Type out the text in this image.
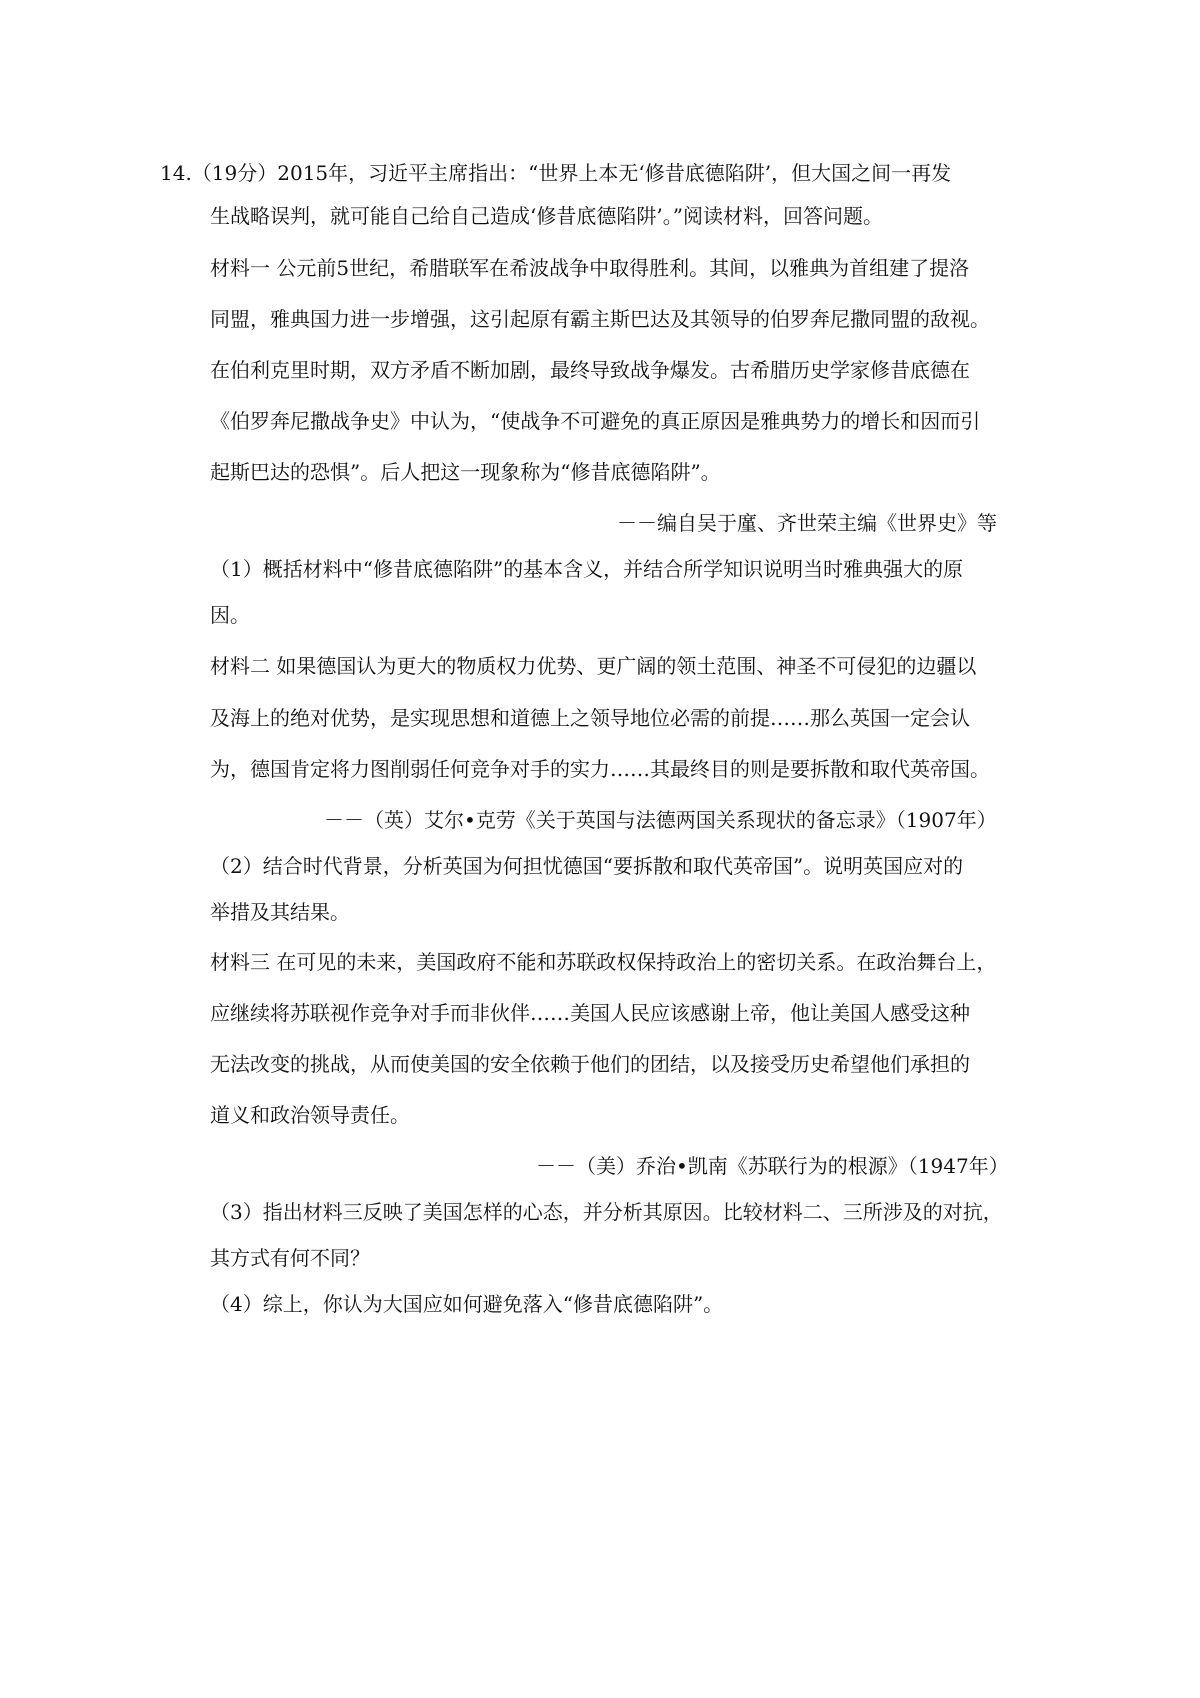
14.（19分）2015年，习近平主席指出：“世界上本无‘修昔底德陷阱’，但大国之间一再发
生战略误判，就可能自己给自己造成‘修昔底德陷阱’。”阅读材料，回答问题。
材料一 公元前5世纪，希腊联军在希波战争中取得胜利。其间，以雅典为首组建了提洛
同盟，雅典国力进一步增强，这引起原有霸主斯巴达及其领导的伯罗奔尼撒同盟的敌视。
在伯利克里时期，双方矛盾不断加剧，最终导致战争爆发。古希腊历史学家修昔底德在
《伯罗奔尼撒战争史》中认为，“使战争不可避免的真正原因是雅典势力的增长和因而引
起斯巴达的恐惧”。后人把这一现象称为“修昔底德陷阱”。
－－编自吴于廑、齐世荣主编《世界史》等
（1）概括材料中“修昔底德陷阱”的基本含义，并结合所学知识说明当时雅典强大的原
因。
材料二 如果德国认为更大的物质权力优势、更广阔的领土范围、神圣不可侵犯的边疆以
及海上的绝对优势，是实现思想和道德上之领导地位必需的前提……那么英国一定会认
为，德国肯定将力图削弱任何竞争对手的实力……其最终目的则是要拆散和取代英帝国。
－－（英）艾尔•克劳《关于英国与法德两国关系现状的备忘录》（1907年）
（2）结合时代背景，分析英国为何担忧德国“要拆散和取代英帝国”。说明英国应对的
举措及其结果。
材料三 在可见的未来，美国政府不能和苏联政权保持政治上的密切关系。在政治舞台上，
应继续将苏联视作竞争对手而非伙伴……美国人民应该感谢上帝，他让美国人感受这种
无法改变的挑战，从而使美国的安全依赖于他们的团结，以及接受历史希望他们承担的
道义和政治领导责任。
－－（美）乔治•凯南《苏联行为的根源》（1947年）
（3）指出材料三反映了美国怎样的心态，并分析其原因。比较材料二、三所涉及的对抗，
其方式有何不同？
（4）综上，你认为大国应如何避免落入“修昔底德陷阱”。
